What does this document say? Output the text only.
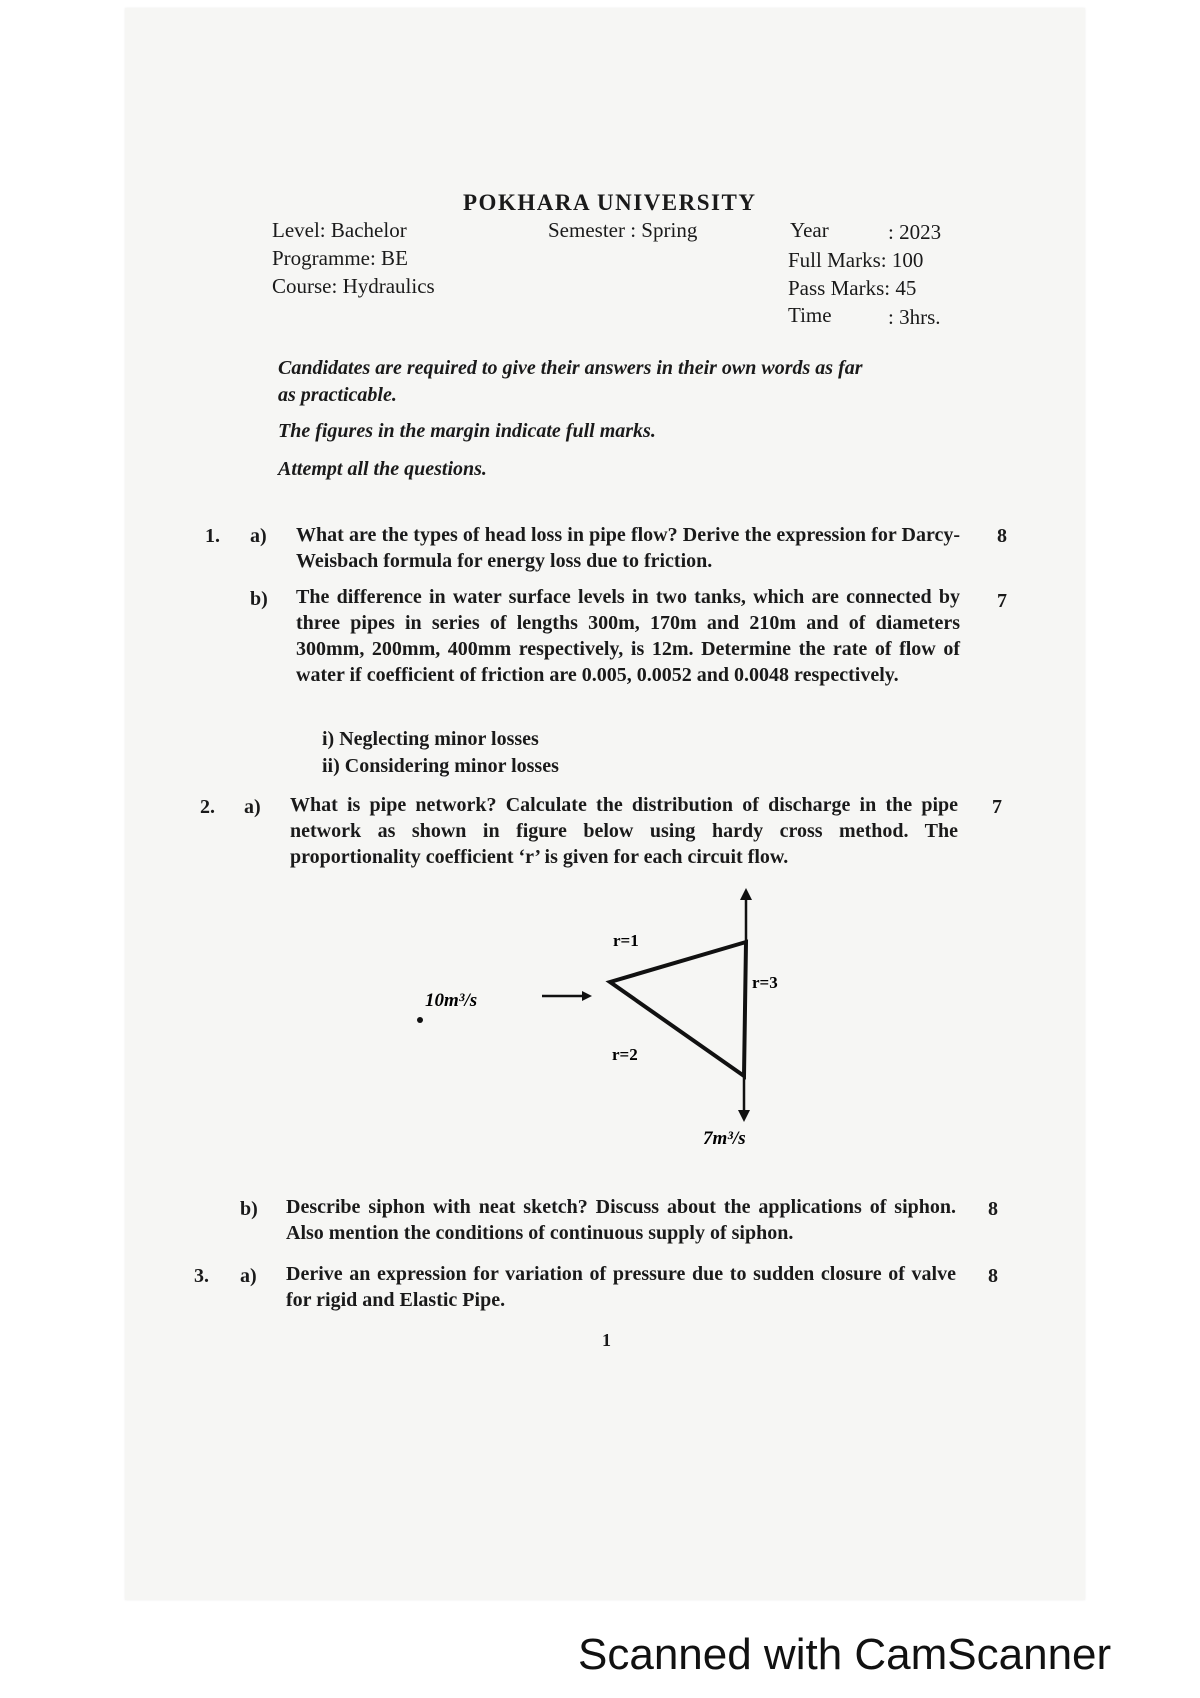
POKHARA UNIVERSITY
Level: Bachelor
Programme: BE
Course: Hydraulics
Semester : Spring	Year	: 2023
Full Marks: 100
Pass Marks: 45
Time	: 3hrs.
Candidates are required to give their answers in their own words as far
as practicable.
The figures in the margin indicate full marks.
Attempt all the questions.
1. a) What are the types of head loss in pipe flow? Derive the expression for Darcy-Weisbach formula for energy loss due to friction.
8
b) The difference in water surface levels in two tanks, which are connected by three pipes in series of lengths 300m, 170m and 210m and of diameters 300mm, 200mm, 400mm respectively, is 12m. Determine the rate of flow of water if coefficient of friction are 0.005, 0.0052 and 0.0048 respectively.
7
i) Neglecting minor losses
ii) Considering minor losses
2. a) What is pipe network? Calculate the distribution of discharge in the pipe network as shown in figure below using hardy cross method. The proportionality coefficient ‘r’ is given for each circuit flow.
7
10m³/s
r=1
r=3
r=2
7m³/s
b) Describe siphon with neat sketch? Discuss about the applications of siphon. Also mention the conditions of continuous supply of siphon.
8
3. a) Derive an expression for variation of pressure due to sudden closure of valve for rigid and Elastic Pipe.
8
1
Scanned with CamScanner
